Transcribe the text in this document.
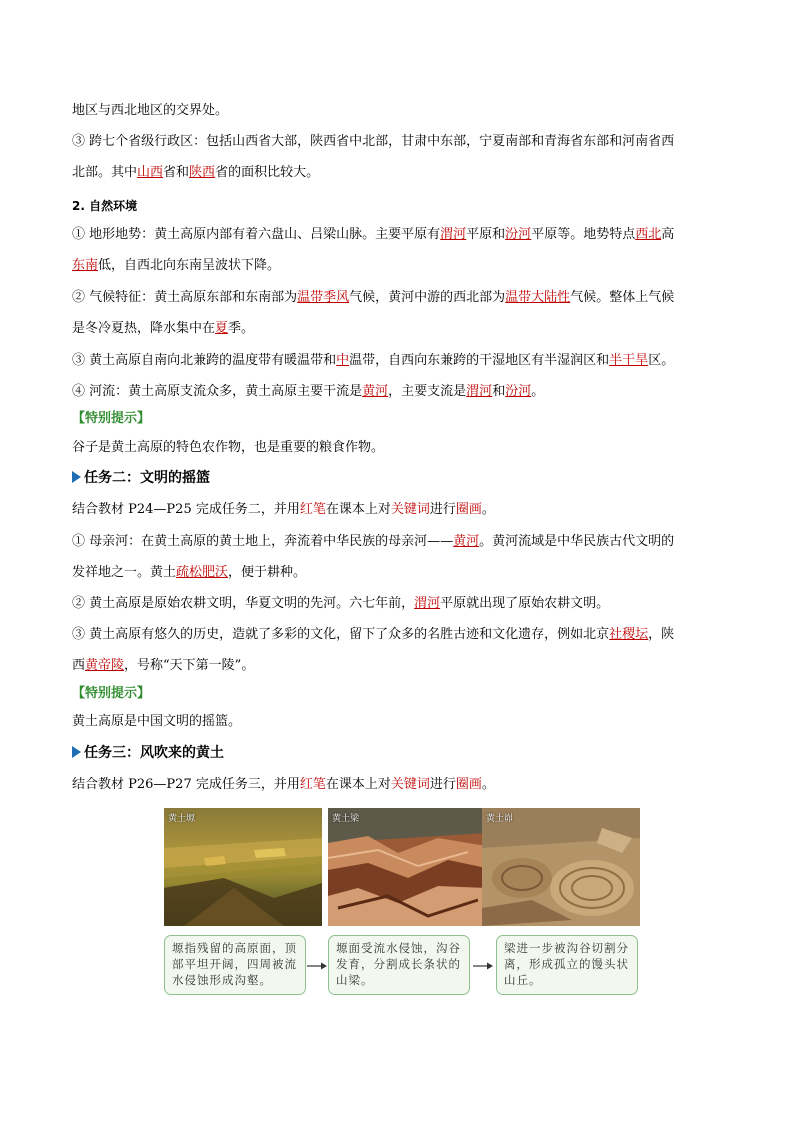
地区与西北地区的交界处。
③ 跨七个省级行政区：包括山西省大部，陕西省中北部，甘肃中东部，宁夏南部和青海省东部和河南省西
北部。其中山西省和陕西省的面积比较大。
2. 自然环境
① 地形地势：黄土高原内部有着六盘山、吕梁山脉。主要平原有渭河平原和汾河平原等。地势特点西北高
东南低，自西北向东南呈波状下降。
② 气候特征：黄土高原东部和东南部为温带季风气候，黄河中游的西北部为温带大陆性气候。整体上气候
是冬冷夏热，降水集中在夏季。
③ 黄土高原自南向北兼跨的温度带有暖温带和中温带，自西向东兼跨的干湿地区有半湿润区和半干旱区。
④ 河流：黄土高原支流众多，黄土高原主要干流是黄河，主要支流是渭河和汾河。
【特别提示】
谷子是黄土高原的特色农作物，也是重要的粮食作物。
任务二：文明的摇篮
结合教材 P24—P25 完成任务二，并用红笔在课本上对关键词进行圈画。
① 母亲河：在黄土高原的黄土地上，奔流着中华民族的母亲河——黄河。黄河流域是中华民族古代文明的
发祥地之一。黄土疏松肥沃，便于耕种。
② 黄土高原是原始农耕文明，华夏文明的先河。六七年前，渭河平原就出现了原始农耕文明。
③ 黄土高原有悠久的历史，造就了多彩的文化，留下了众多的名胜古迹和文化遗存，例如北京社稷坛，陕
西黄帝陵，号称“天下第一陵”。
【特别提示】
黄土高原是中国文明的摇篮。
任务三：风吹来的黄土
结合教材 P26—P27 完成任务三，并用红笔在课本上对关键词进行圈画。
黄土塬	黄土梁	黄土峁
塬指残留的高原面，顶部平坦开阔，四周被流水侵蚀形成沟壑。
塬面受流水侵蚀，沟谷发育，分割成长条状的山梁。
梁进一步被沟谷切割分离，形成孤立的馒头状山丘。
